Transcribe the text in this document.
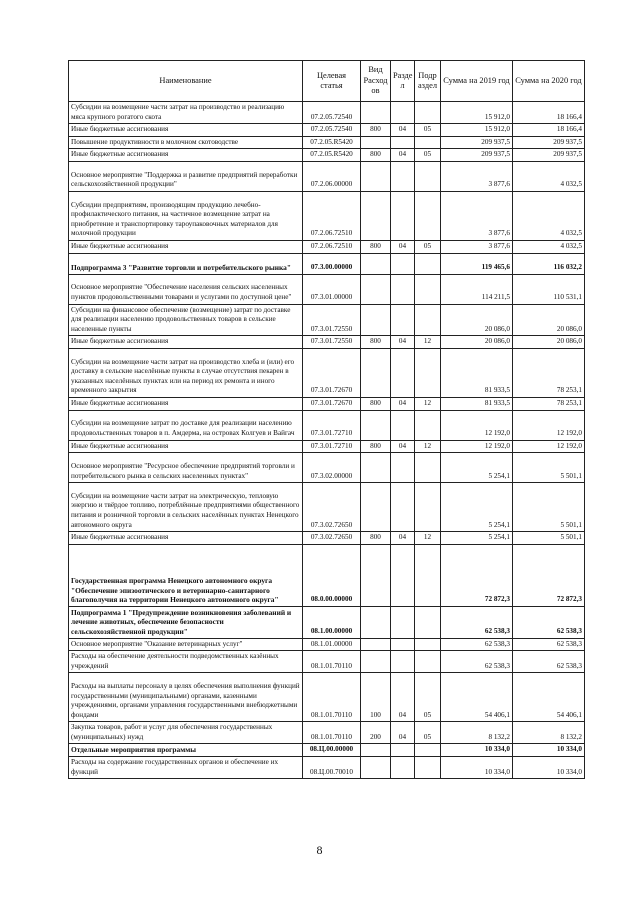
Наименование	Целевая статья	Вид Расход ов	Разде л	Подр аздел	Сумма на 2019 год	Сумма на 2020 год
Субсидии на возмещение части затрат на производство и реализацию мяса крупного рогатого скота	07.2.05.72540				15 912,0	18 166,4
Иные бюджетные ассигнования	07.2.05.72540	800	04	05	15 912,0	18 166,4
Повышение продуктивности в молочном скотоводстве	07.2.05.R5420				209 937,5	209 937,5
Иные бюджетные ассигнования	07.2.05.R5420	800	04	05	209 937,5	209 937,5
Основное мероприятие "Поддержка и развитие предприятий переработки сельскохозяйственной продукции"	07.2.06.00000				3 877,6	4 032,5
Субсидии предприятиям, производящим продукцию лечебно-профилактического питания, на частичное возмещение затрат на приобретение и транспортировку тароупаковочных материалов для молочной продукции	07.2.06.72510				3 877,6	4 032,5
Иные бюджетные ассигнования	07.2.06.72510	800	04	05	3 877,6	4 032,5
Подпрограмма 3 "Развитие торговли и потребительского рынка"	07.3.00.00000				119 465,6	116 032,2
Основное мероприятие "Обеспечение населения сельских населенных пунктов продовольственными товарами и услугами по доступной цене"	07.3.01.00000				114 211,5	110 531,1
Субсидии на финансовое обеспечение (возмещение) затрат по доставке для реализации населению продовольственных товаров в сельские населенные пункты	07.3.01.72550				20 086,0	20 086,0
Иные бюджетные ассигнования	07.3.01.72550	800	04	12	20 086,0	20 086,0
Субсидии на возмещение части затрат на производство хлеба и (или) его доставку в сельские населённые пункты в случае отсутствия пекарен в указанных населённых пунктах или на период их ремонта и иного временного закрытия	07.3.01.72670				81 933,5	78 253,1
Иные бюджетные ассигнования	07.3.01.72670	800	04	12	81 933,5	78 253,1
Субсидии на возмещение затрат по доставке для реализации населению продовольственных товаров в п. Амдерма, на островах Колгуев и Вайгач	07.3.01.72710				12 192,0	12 192,0
Иные бюджетные ассигнования	07.3.01.72710	800	04	12	12 192,0	12 192,0
Основное мероприятие "Ресурсное обеспечение предприятий торговли и потребительского рынка в сельских населенных пунктах"	07.3.02.00000				5 254,1	5 501,1
Субсидии на возмещение части затрат на электрическую, тепловую энергию и твёрдое топливо, потреблённые предприятиями общественного питания и розничной торговли в сельских населённых пунктах Ненецкого автономного округа	07.3.02.72650				5 254,1	5 501,1
Иные бюджетные ассигнования	07.3.02.72650	800	04	12	5 254,1	5 501,1
Государственная программа Ненецкого автономного округа "Обеспечение эпизоотического и ветеринарно-санитарного благополучия на территории Ненецкого автономного округа"	08.0.00.00000				72 872,3	72 872,3
Подпрограмма 1 "Предупреждение возникновения заболеваний и лечение животных, обеспечение безопасности сельскохозяйственной продукции"	08.1.00.00000				62 538,3	62 538,3
Основное мероприятие "Оказание ветеринарных услуг"	08.1.01.00000				62 538,3	62 538,3
Расходы на обеспечение деятельности подведомственных казённых учреждений	08.1.01.70110				62 538,3	62 538,3
Расходы на выплаты персоналу в целях обеспечения выполнения функций государственными (муниципальными) органами, казенными учреждениями, органами управления государственными внебюджетными фондами	08.1.01.70110	100	04	05	54 406,1	54 406,1
Закупка товаров, работ и услуг для обеспечения государственных (муниципальных) нужд	08.1.01.70110	200	04	05	8 132,2	8 132,2
Отдельные мероприятия программы	08.Ц.00.00000				10 334,0	10 334,0
Расходы на содержание государственных органов и обеспечение их функций	08.Ц.00.70010				10 334,0	10 334,0
8
